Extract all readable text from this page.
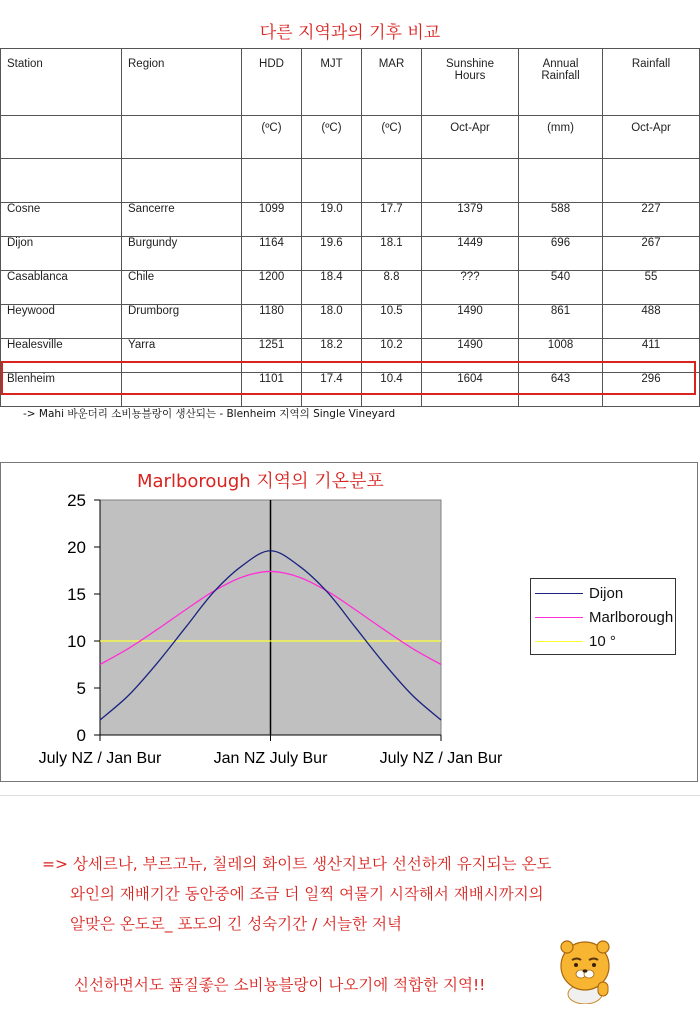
다른 지역과의 기후 비교
Station	Region	HDD	MJT	MAR	Sunshine Hours	Annual Rainfall	Rainfall
		(ºC)	(ºC)	(ºC)	Oct-Apr	(mm)	Oct-Apr

Cosne	Sancerre	1099	19.0	17.7	1379	588	227
Dijon	Burgundy	1164	19.6	18.1	1449	696	267
Casablanca	Chile	1200	18.4	8.8	???	540	55
Heywood	Drumborg	1180	18.0	10.5	1490	861	488
Healesville	Yarra	1251	18.2	10.2	1490	1008	411
Blenheim		1101	17.4	10.4	1604	643	296
-> Mahi 바운더리 소비뇽블랑이 생산되는 - Blenheim 지역의 Single Vineyard
0
5
10
15
20
25
July NZ / Jan Bur	Jan NZ July Bur	July NZ / Jan Bur
Marlborough 지역의 기온분포
Dijon
Marlborough
10 °
=> 상세르나, 부르고뉴, 칠레의 화이트 생산지보다 선선하게 유지되는 온도
와인의 재배기간 동안중에 조금 더 일찍 여물기 시작해서 재배시까지의
알맞은 온도로_ 포도의 긴 성숙기간 / 서늘한 저녁
신선하면서도 품질좋은 소비뇽블랑이 나오기에 적합한 지역!!
